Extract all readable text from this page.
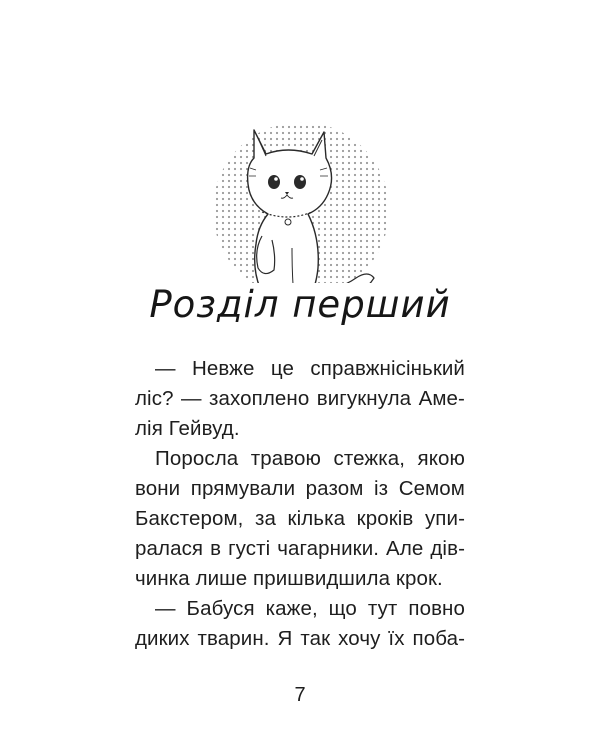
Розділ перший
— Невже це справжнісінький
ліс? — захоплено вигукнула Аме-
лія Гейвуд.
Поросла травою стежка, якою
вони прямували разом із Семом
Бакстером, за кілька кроків упи-
ралася в густі чагарники. Але дів-
чинка лише пришвидшила крок.
— Бабуся каже, що тут повно
диких тварин. Я так хочу їх поба-
7
